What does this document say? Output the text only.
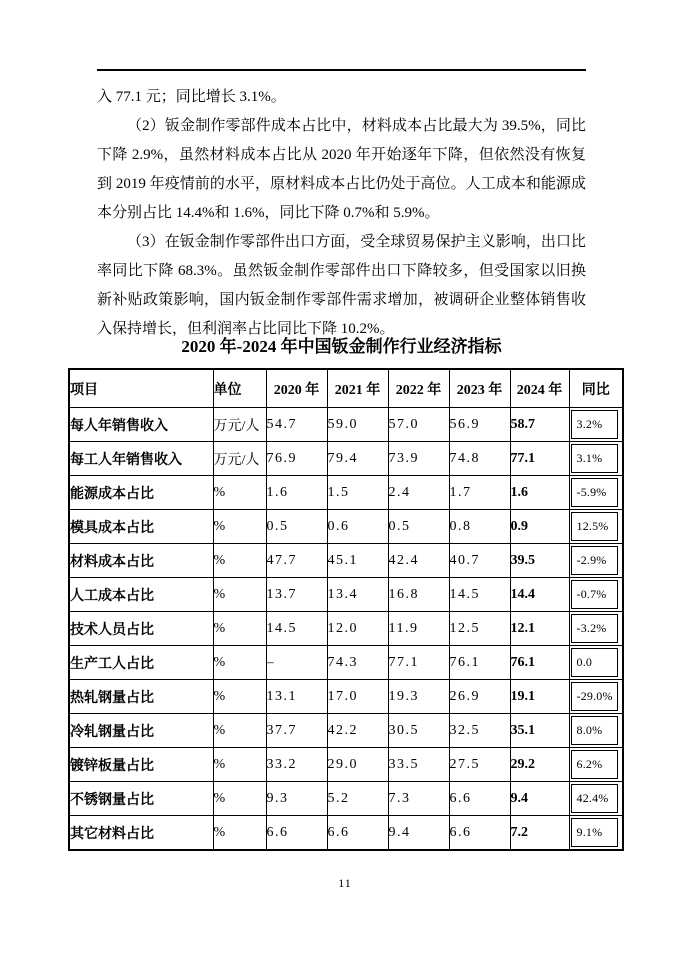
入 77.1 元；同比增长 3.1%。

（2）钣金制作零部件成本占比中，材料成本占比最大为 39.5%，同比下降 2.9%，虽然材料成本占比从 2020 年开始逐年下降，但依然没有恢复到 2019 年疫情前的水平，原材料成本占比仍处于高位。人工成本和能源成本分别占比 14.4%和 1.6%，同比下降 0.7%和 5.9%。

（3）在钣金制作零部件出口方面，受全球贸易保护主义影响，出口比率同比下降 68.3%。虽然钣金制作零部件出口下降较多，但受国家以旧换新补贴政策影响，国内钣金制作零部件需求增加，被调研企业整体销售收入保持增长，但利润率占比同比下降 10.2%。

2020 年-2024 年中国钣金制作行业经济指标
项目	单位	2020 年	2021 年	2022 年	2023 年	2024 年	同比
每人年销售收入	万元/人	54.7	59.0	57.0	56.9	58.7	3.2%

每工人年销售收入	万元/人	76.9	79.4	73.9	74.8	77.1	3.1%

能源成本占比	%	1.6	1.5	2.4	1.7	1.6	-5.9%

模具成本占比	%	0.5	0.6	0.5	0.8	0.9	12.5%

材料成本占比	%	47.7	45.1	42.4	40.7	39.5	-2.9%

人工成本占比	%	13.7	13.4	16.8	14.5	14.4	-0.7%

技术人员占比	%	14.5	12.0	11.9	12.5	12.1	-3.2%

生产工人占比	%	–	74.3	77.1	76.1	76.1	0.0

热轧钢量占比	%	13.1	17.0	19.3	26.9	19.1	-29.0%

冷轧钢量占比	%	37.7	42.2	30.5	32.5	35.1	8.0%

镀锌板量占比	%	33.2	29.0	33.5	27.5	29.2	6.2%

不锈钢量占比	%	9.3	5.2	7.3	6.6	9.4	42.4%

其它材料占比	%	6.6	6.6	9.4	6.6	7.2	9.1%
11
